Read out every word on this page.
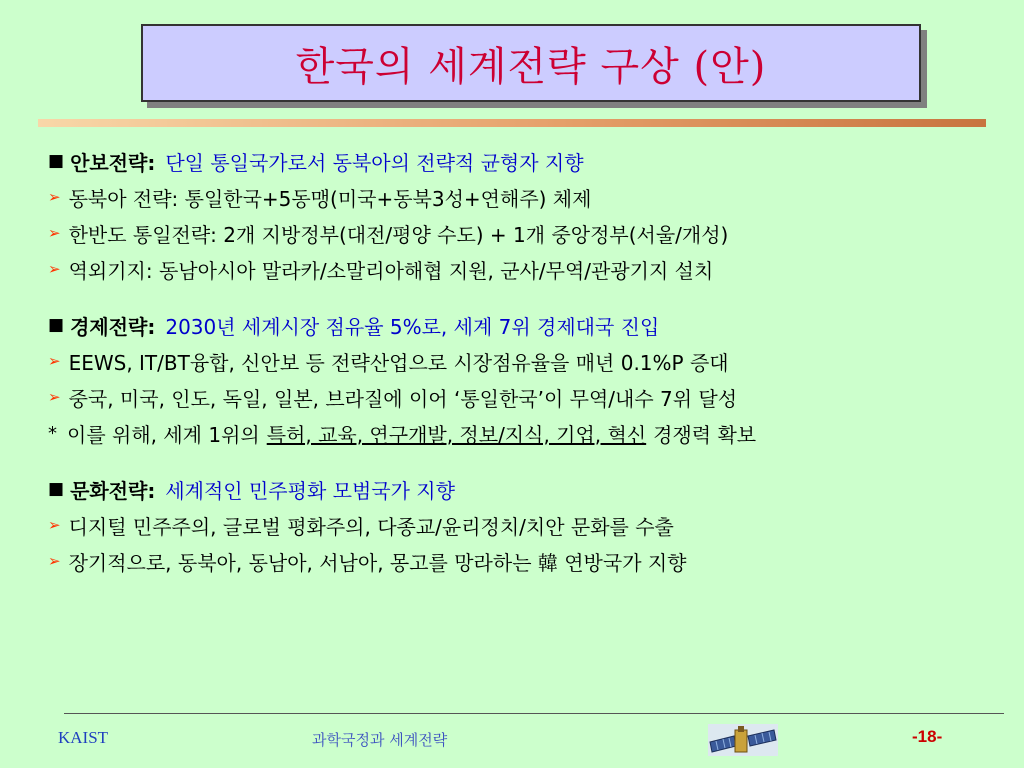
한국의 세계전략 구상 (안)
■ 안보전략: 단일 통일국가로서 동북아의 전략적 균형자 지향
➢ 동북아 전략: 통일한국+5동맹(미국+동북3성+연해주) 체제
➢ 한반도 통일전략: 2개 지방정부(대전/평양 수도) + 1개 중앙정부(서울/개성)
➢ 역외기지: 동남아시아 말라카/소말리아해협 지원, 군사/무역/관광기지 설치
■ 경제전략: 2030년 세계시장 점유율 5%로, 세계 7위 경제대국 진입
➢ EEWS, IT/BT융합, 신안보 등 전략산업으로 시장점유율을 매년 0.1%P 증대
➢ 중국, 미국, 인도, 독일, 일본, 브라질에 이어 ‘통일한국’이 무역/내수 7위 달성
* 이를 위해, 세계 1위의 특허, 교육, 연구개발, 정보/지식, 기업, 혁신 경쟁력 확보
■ 문화전략: 세계적인 민주평화 모범국가 지향
➢ 디지털 민주주의, 글로벌 평화주의, 다종교/윤리정치/치안 문화를 수출
➢ 장기적으로, 동북아, 동남아, 서남아, 몽고를 망라하는 韓 연방국가 지향
KAIST	과학국정과 세계전략	-18-
